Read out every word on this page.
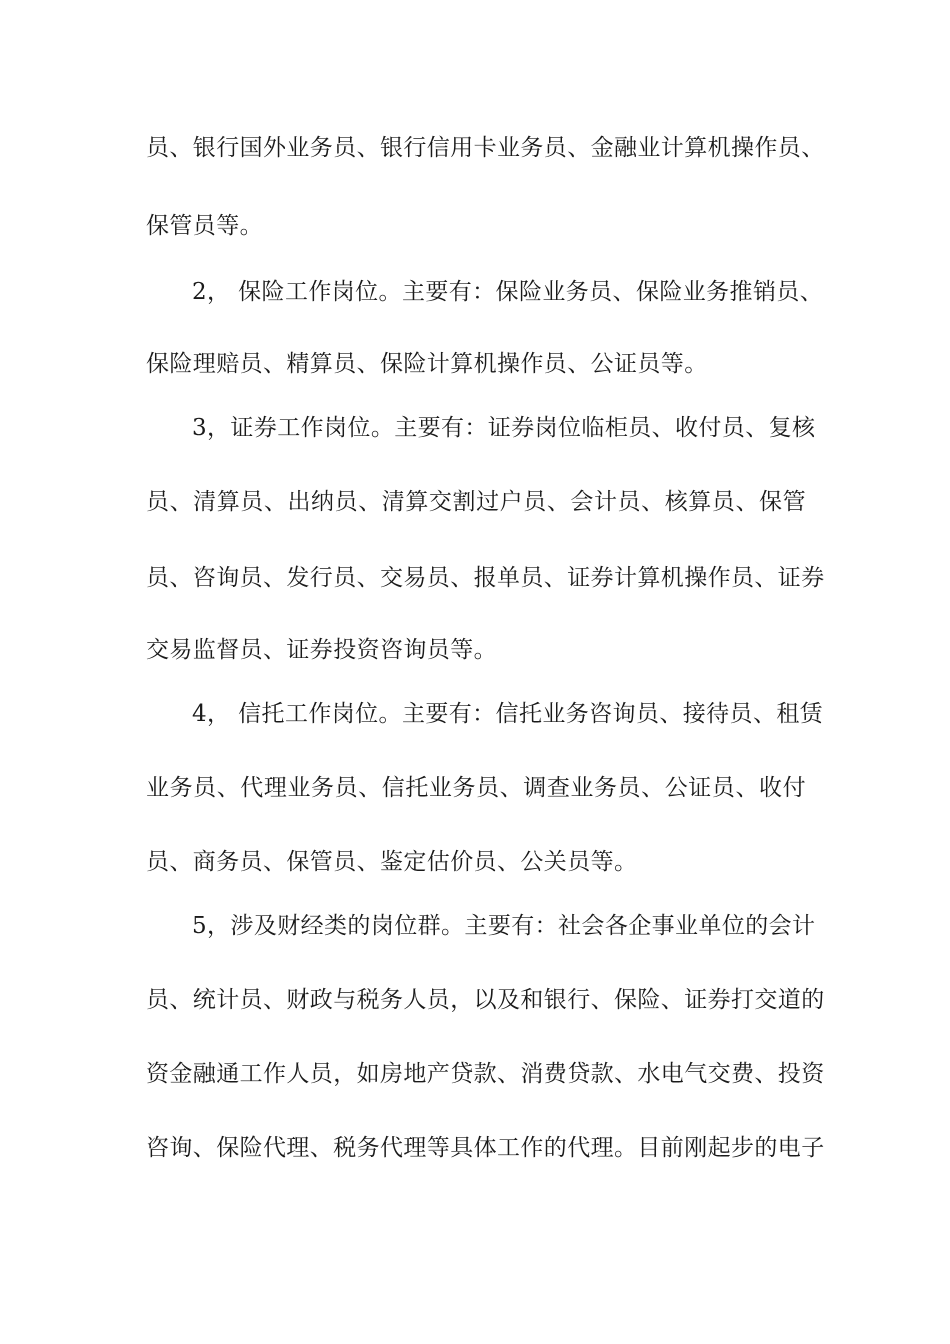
员、银行国外业务员、银行信用卡业务员、金融业计算机操作员、
保管员等。
2， 保险工作岗位。主要有：保险业务员、保险业务推销员、
保险理赔员、精算员、保险计算机操作员、公证员等。
3，证券工作岗位。主要有：证券岗位临柜员、收付员、复核
员、清算员、出纳员、清算交割过户员、会计员、核算员、保管
员、咨询员、发行员、交易员、报单员、证券计算机操作员、证券
交易监督员、证券投资咨询员等。
4， 信托工作岗位。主要有：信托业务咨询员、接待员、租赁
业务员、代理业务员、信托业务员、调查业务员、公证员、收付
员、商务员、保管员、鉴定估价员、公关员等。
5，涉及财经类的岗位群。主要有：社会各企事业单位的会计
员、统计员、财政与税务人员，以及和银行、保险、证券打交道的
资金融通工作人员，如房地产贷款、消费贷款、水电气交费、投资
咨询、保险代理、税务代理等具体工作的代理。目前刚起步的电子
